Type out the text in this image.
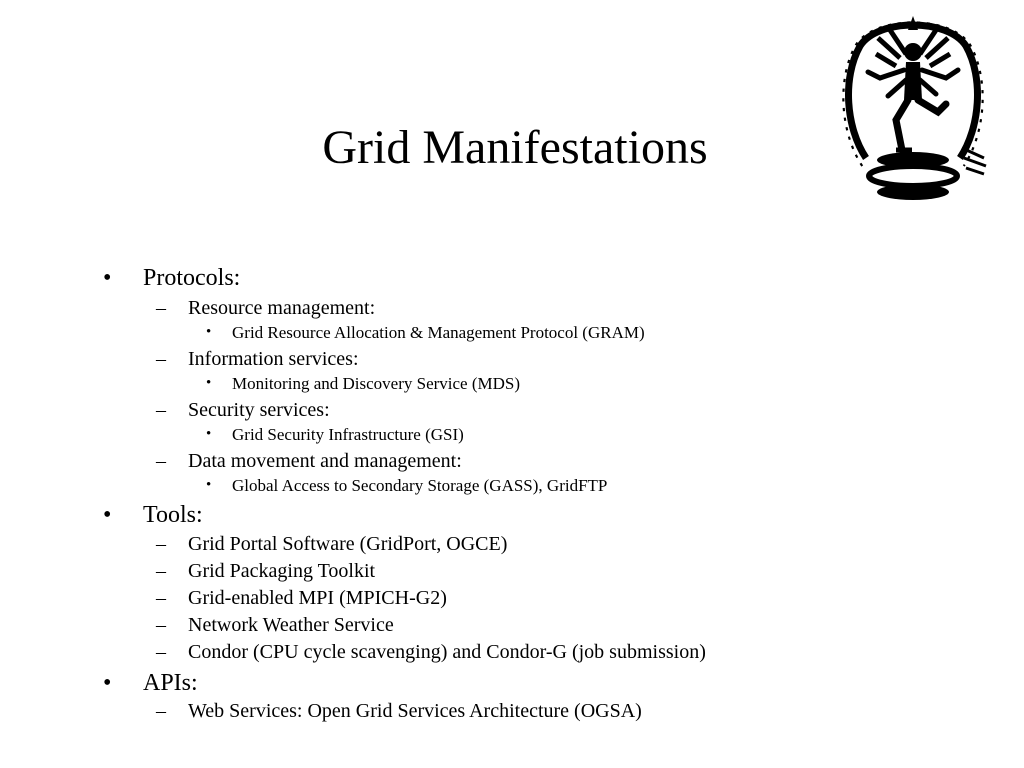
Grid Manifestations
• Protocols:
– Resource management:
• Grid Resource Allocation & Management Protocol (GRAM)
– Information services:
• Monitoring and Discovery Service (MDS)
– Security services:
• Grid Security Infrastructure (GSI)
– Data movement and management:
• Global Access to Secondary Storage (GASS), GridFTP
• Tools:
– Grid Portal Software (GridPort, OGCE)
– Grid Packaging Toolkit
– Grid-enabled MPI (MPICH-G2)
– Network Weather Service
– Condor (CPU cycle scavenging) and Condor-G (job submission)
• APIs:
– Web Services: Open Grid Services Architecture (OGSA)
